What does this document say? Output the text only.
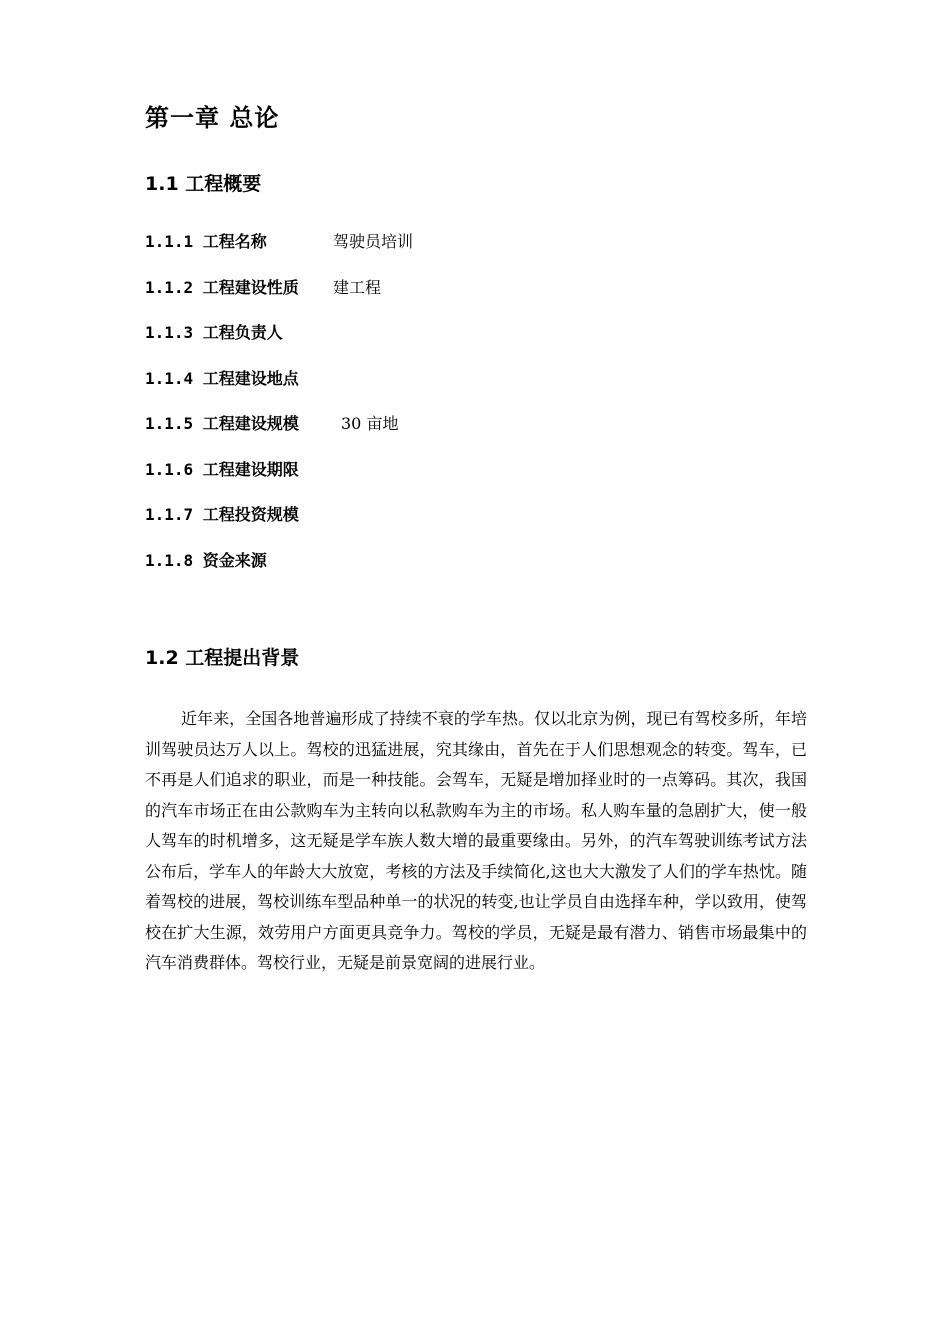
第一章 总论
1.1 工程概要
1.1.1 工程名称	驾驶员培训
1.1.2 工程建设性质 建工程
1.1.3 工程负责人
1.1.4 工程建设地点
1.1.5 工程建设规模	30 亩地
1.1.6 工程建设期限
1.1.7 工程投资规模
1.1.8 资金来源
1.2 工程提出背景

近年来，全国各地普遍形成了持续不衰的学车热。仅以北京为例，现已有驾校多所，年培训驾驶员达万人以上。驾校的迅猛进展，究其缘由，首先在于人们思想观念的转变。驾车，已不再是人们追求的职业，而是一种技能。会驾车，无疑是增加择业时的一点筹码。其次，我国的汽车市场正在由公款购车为主转向以私款购车为主的市场。私人购车量的急剧扩大，使一般人驾车的时机增多，这无疑是学车族人数大增的最重要缘由。另外，的汽车驾驶训练考试方法公布后，学车人的年龄大大放宽，考核的方法及手续简化,这也大大激发了人们的学车热忱。随着驾校的进展，驾校训练车型品种单一的状况的转变,也让学员自由选择车种，学以致用，使驾校在扩大生源，效劳用户方面更具竞争力。驾校的学员，无疑是最有潜力、销售市场最集中的汽车消费群体。驾校行业，无疑是前景宽阔的进展行业。
